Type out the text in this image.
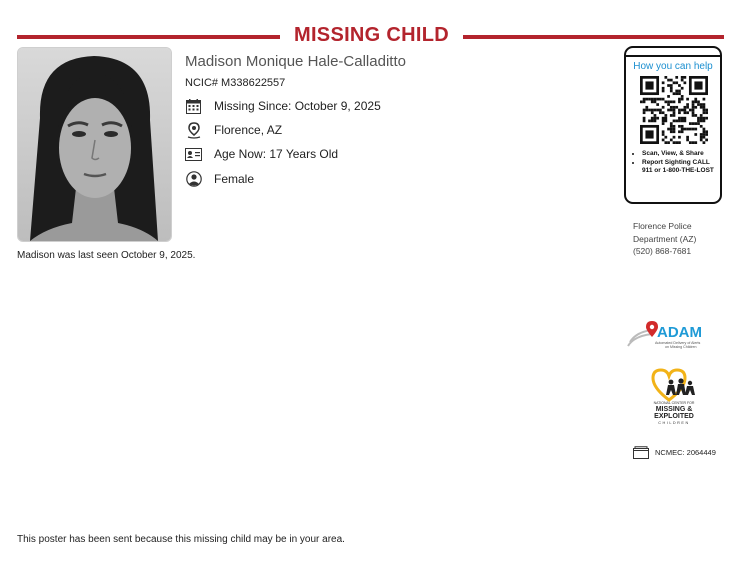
MISSING CHILD
Madison was last seen October 9, 2025.
Madison Monique Hale-Calladitto
NCIC# M338622557
Missing Since: October 9, 2025
Florence, AZ
Age Now: 17 Years Old
Female
How you can help
• Scan, View, & Share
• Report Sighting CALL 911 or 1-800-THE-LOST
Florence Police
Department (AZ)
(520) 868-7681
ADAM
Automated Delivery of Alerts
on Missing Children
NATIONAL CENTER FOR
MISSING &
EXPLOITED
CHILDREN
NCMEC: 2064449
This poster has been sent because this missing child may be in your area.
